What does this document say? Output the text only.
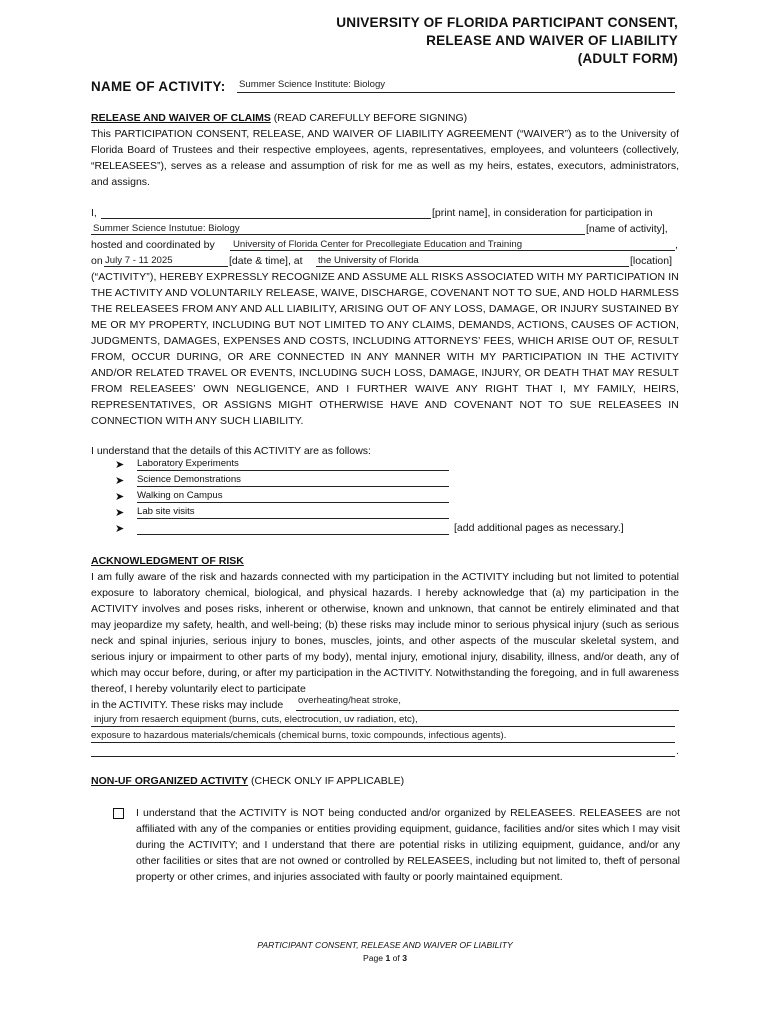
UNIVERSITY OF FLORIDA PARTICIPANT CONSENT,
RELEASE AND WAIVER OF LIABILITY
(ADULT FORM)
NAME OF ACTIVITY: Summer Science Institute: Biology
RELEASE AND WAIVER OF CLAIMS (READ CAREFULLY BEFORE SIGNING)
This PARTICIPATION CONSENT, RELEASE, AND WAIVER OF LIABILITY AGREEMENT (“WAIVER”) as to the University of Florida Board of Trustees and their respective employees, agents, representatives, employees, and volunteers (collectively, “RELEASEES”), serves as a release and assumption of risk for me as well as my heirs, estates, executors, administrators, and assigns.
I,	[print name], in consideration for participation in
Summer Science Instutue: Biology	[name of activity],
hosted and coordinated by University of Florida Center for Precollegiate Education and Training	,
on July 7 - 11 2025	[date & time], at the University of Florida	[location]
(“ACTIVITY”), HEREBY EXPRESSLY RECOGNIZE AND ASSUME ALL RISKS ASSOCIATED WITH MY PARTICIPATION IN THE ACTIVITY AND VOLUNTARILY RELEASE, WAIVE, DISCHARGE, COVENANT NOT TO SUE, AND HOLD HARMLESS THE RELEASEES FROM ANY AND ALL LIABILITY, ARISING OUT OF ANY LOSS, DAMAGE, OR INJURY SUSTAINED BY ME OR MY PROPERTY, INCLUDING BUT NOT LIMITED TO ANY CLAIMS, DEMANDS, ACTIONS, CAUSES OF ACTION, JUDGMENTS, DAMAGES, EXPENSES AND COSTS, INCLUDING ATTORNEYS’ FEES, WHICH ARISE OUT OF, RESULT FROM, OCCUR DURING, OR ARE CONNECTED IN ANY MANNER WITH MY PARTICIPATION IN THE ACTIVITY AND/OR RELATED TRAVEL OR EVENTS, INCLUDING SUCH LOSS, DAMAGE, INJURY, OR DEATH THAT MAY RESULT FROM RELEASEES’ OWN NEGLIGENCE, AND I FURTHER WAIVE ANY RIGHT THAT I, MY FAMILY, HEIRS, REPRESENTATIVES, OR ASSIGNS MIGHT OTHERWISE HAVE AND COVENANT NOT TO SUE RELEASEES IN CONNECTION WITH ANY SUCH LIABILITY.
I understand that the details of this ACTIVITY are as follows:
➤ Laboratory Experiments
➤ Science Demonstrations
➤ Walking on Campus
➤ Lab site visits
➤	[add additional pages as necessary.]
ACKNOWLEDGMENT OF RISK
I am fully aware of the risk and hazards connected with my participation in the ACTIVITY including but not limited to potential exposure to laboratory chemical, biological, and physical hazards. I hereby acknowledge that (a) my participation in the ACTIVITY involves and poses risks, inherent or otherwise, known and unknown, that cannot be entirely eliminated and that may jeopardize my safety, health, and well-being; (b) these risks may include minor to serious physical injury (such as serious neck and spinal injuries, serious injury to bones, muscles, joints, and other aspects of the muscular skeletal system, and serious injury or impairment to other parts of my body), mental injury, emotional injury, disability, illness, and/or death, any of which may occur before, during, or after my participation in the ACTIVITY. Notwithstanding the foregoing, and in full awareness thereof, I hereby voluntarily elect to participate
in the ACTIVITY. These risks may include overheating/heat stroke,
injury from resaerch equipment (burns, cuts, electrocution, uv radiation, etc),
exposure to hazardous materials/chemicals (chemical burns, toxic compounds, infectious agents).
.
NON-UF ORGANIZED ACTIVITY (CHECK ONLY IF APPLICABLE)
I understand that the ACTIVITY is NOT being conducted and/or organized by RELEASEES. RELEASEES are not affiliated with any of the companies or entities providing equipment, guidance, facilities and/or sites which I may visit during the ACTIVITY; and I understand that there are potential risks in utilizing equipment, guidance, and/or any other facilities or sites that are not owned or controlled by RELEASEES, including but not limited to, theft of personal property or other crimes, and injuries associated with faulty or poorly maintained equipment.
PARTICIPANT CONSENT, RELEASE AND WAIVER OF LIABILITY
Page 1 of 3
